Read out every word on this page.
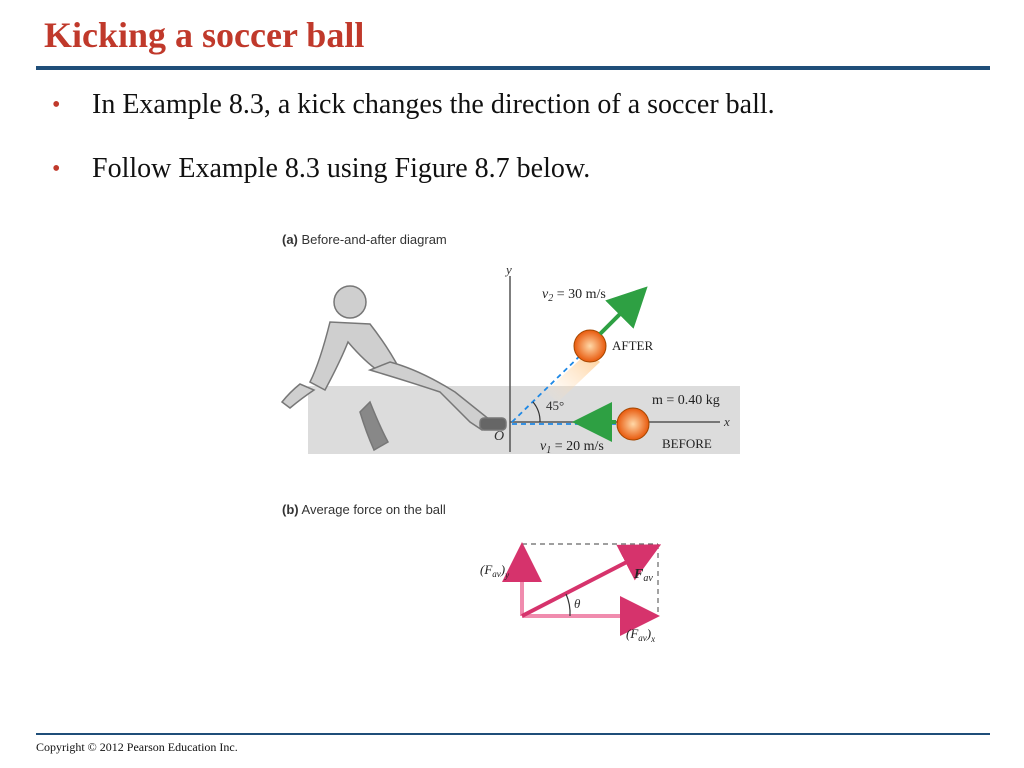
Kicking a soccer ball
• In Example 8.3, a kick changes the direction of a soccer ball.
• Follow Example 8.3 using Figure 8.7 below.
(a) Before-and-after diagram
y
x
O
45°
$v_2 = 30$ m/s
AFTER
m = 0.40 kg
$v_1 = 20$ m/s	BEFORE
(b) Average force on the ball
θ
$(F_{av})_y$
$(F_{av})_x$
$F_{av}$
Copyright © 2012 Pearson Education Inc.
